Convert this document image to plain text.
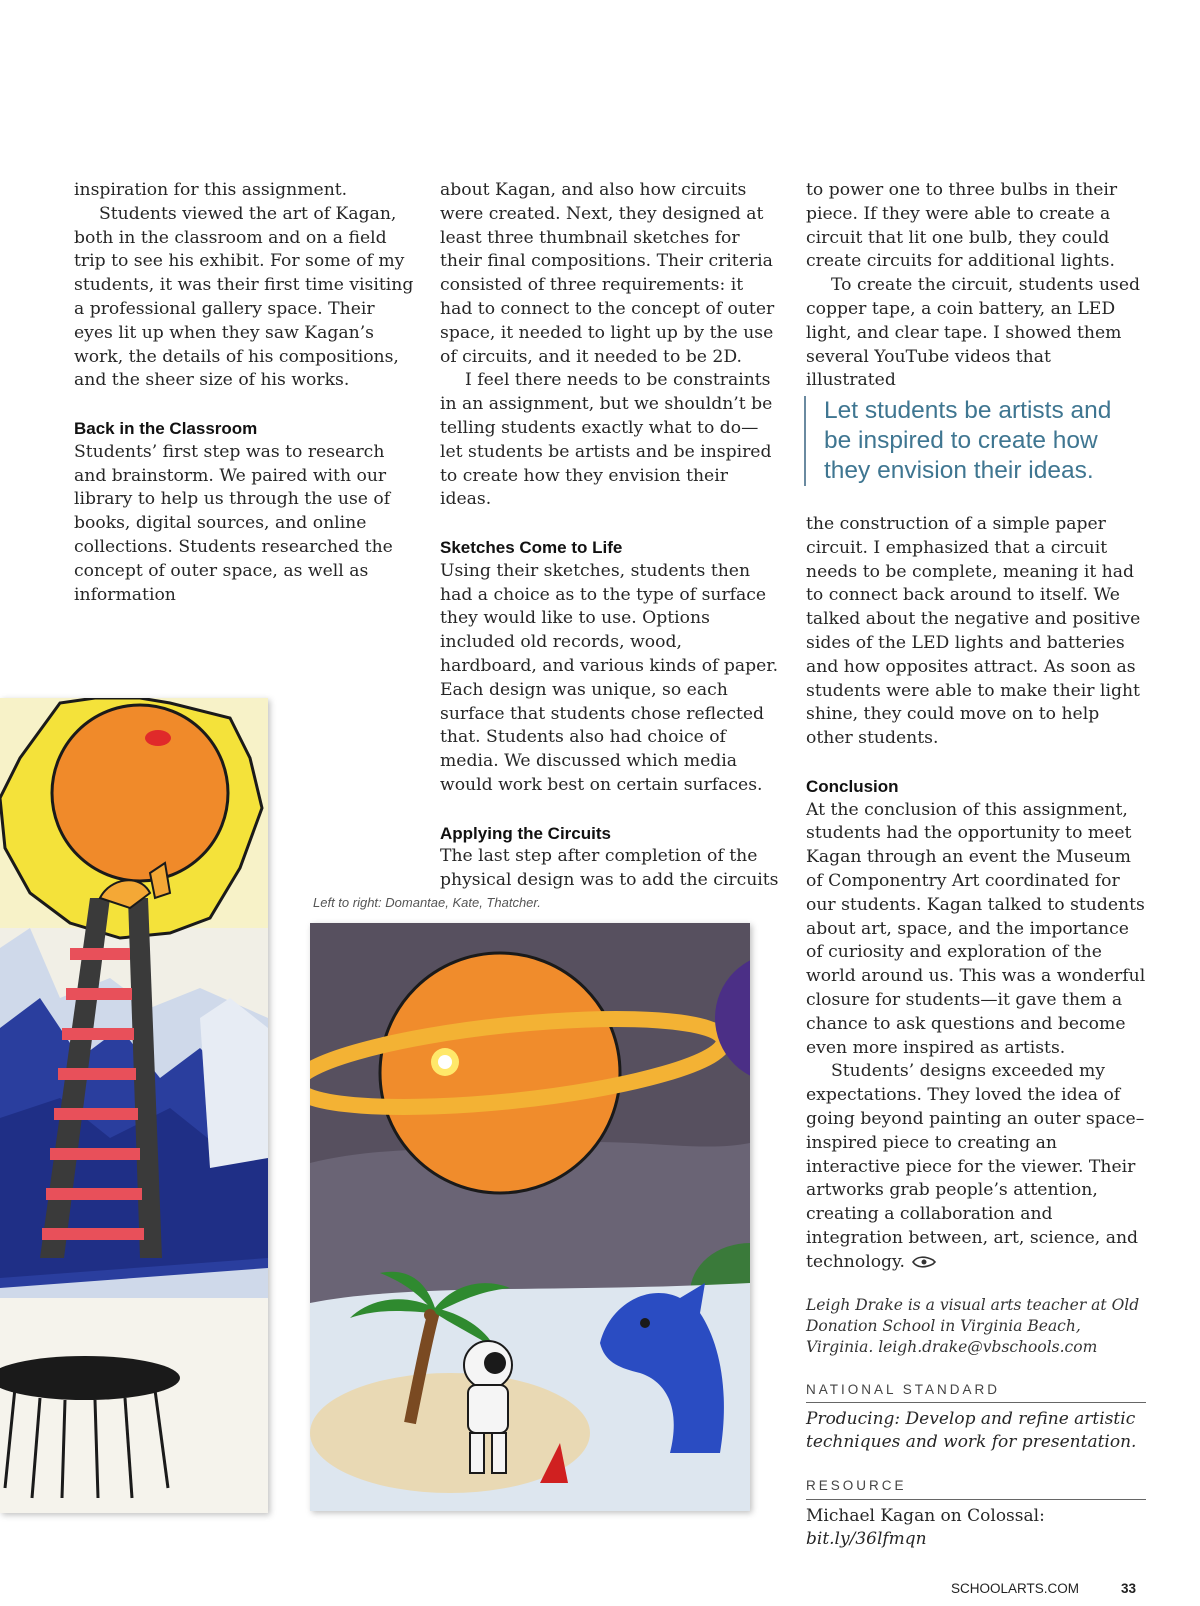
inspiration for this assignment.

Students viewed the art of Kagan, both in the classroom and on a field trip to see his exhibit. For some of my students, it was their first time visiting a professional gallery space. Their eyes lit up when they saw Kagan’s work, the details of his compositions, and the sheer size of his works.

Back in the Classroom

Students’ first step was to research and brainstorm. We paired with our library to help us through the use of books, digital sources, and online collections. Students researched the concept of outer space, as well as information

about Kagan, and also how circuits were created. Next, they designed at least three thumbnail sketches for their final compositions. Their criteria consisted of three requirements: it had to connect to the concept of outer space, it needed to light up by the use of circuits, and it needed to be 2D.

I feel there needs to be constraints in an assignment, but we shouldn’t be telling students exactly what to do—let students be artists and be inspired to create how they envision their ideas.

Sketches Come to Life

Using their sketches, students then had a choice as to the type of surface they would like to use. Options included old records, wood, hardboard, and various kinds of paper. Each design was unique, so each surface that students chose reflected that. Students also had choice of media. We discussed which media would work best on certain surfaces.

Applying the Circuits

The last step after completion of the physical design was to add the circuits

to power one to three bulbs in their piece. If they were able to create a circuit that lit one bulb, they could create circuits for additional lights.

To create the circuit, students used copper tape, a coin battery, an LED light, and clear tape. I showed them several YouTube videos that illustrated

Let students be artists and be inspired to create how they envision their ideas.

the construction of a simple paper circuit. I emphasized that a circuit needs to be complete, meaning it had to connect back around to itself. We talked about the negative and positive sides of the LED lights and batteries and how opposites attract. As soon as students were able to make their light shine, they could move on to help other students.

Conclusion

At the conclusion of this assignment, students had the opportunity to meet Kagan through an event the Museum of Componentry Art coordinated for our students. Kagan talked to students about art, space, and the importance of curiosity and exploration of the world around us. This was a wonderful closure for students—it gave them a chance to ask questions and become even more inspired as artists.

Students’ designs exceeded my expectations. They loved the idea of going beyond painting an outer space–inspired piece to creating an interactive piece for the viewer. Their artworks grab people’s attention, creating a collaboration and integration between, art, science, and technology.

Leigh Drake is a visual arts teacher at Old Donation School in Virginia Beach, Virginia. leigh.drake@vbschools.com

NATIONAL STANDARD

Producing: Develop and refine artistic techniques and work for presentation.

RESOURCE

Michael Kagan on Colossal:

bit.ly/36lfmqn

Left to right: Domantae, Kate, Thatcher.
SCHOOLARTS.COM	33
